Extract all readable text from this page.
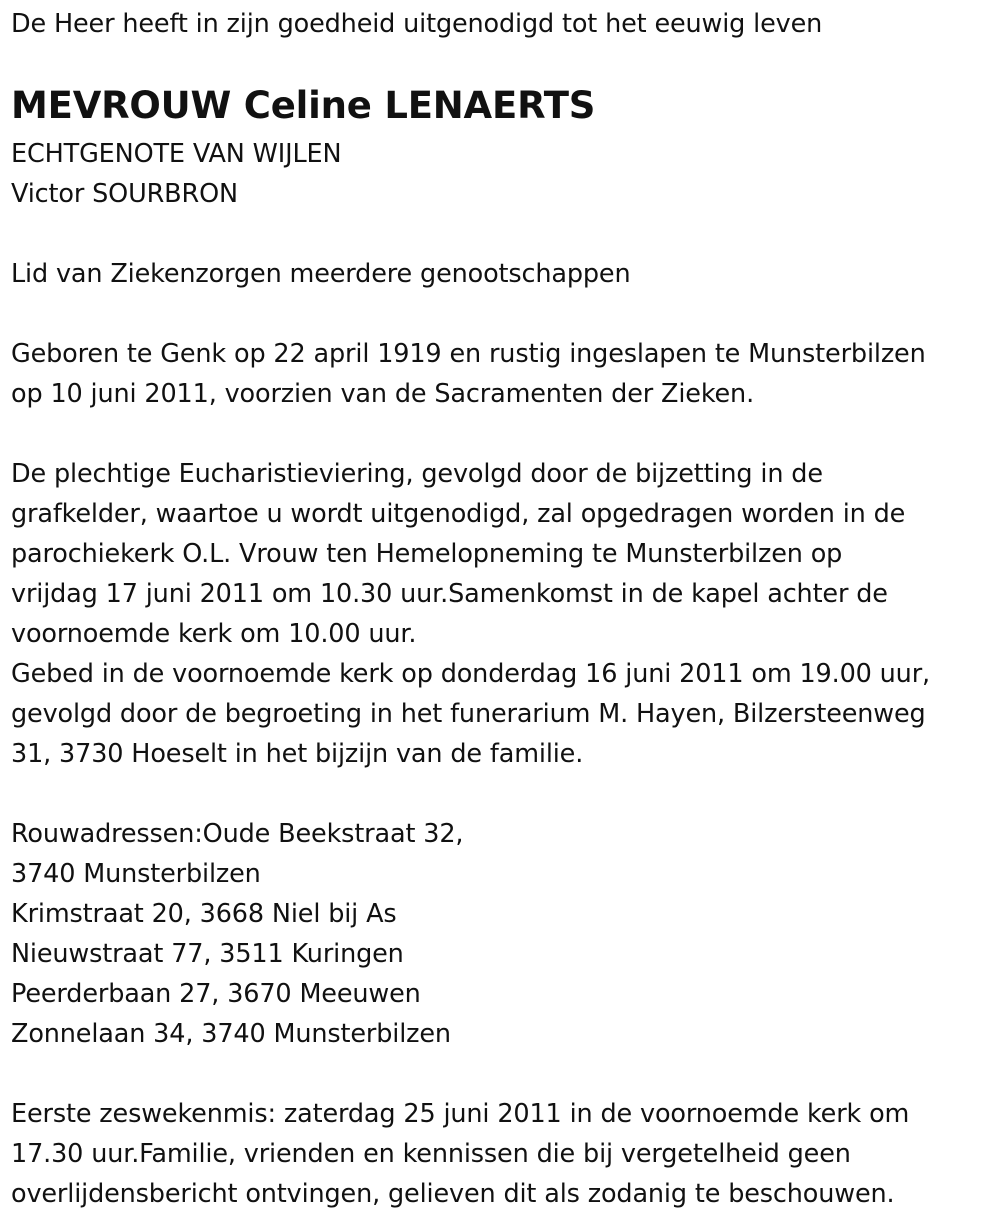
De Heer heeft in zijn goedheid uitgenodigd tot het eeuwig leven
MEVROUW Celine LENAERTS
ECHTGENOTE VAN WIJLEN
Victor SOURBRON
Lid van Ziekenzorgen meerdere genootschappen
Geboren te Genk op 22 april 1919 en rustig ingeslapen te Munsterbilzen
op 10 juni 2011, voorzien van de Sacramenten der Zieken.
De plechtige Eucharistieviering, gevolgd door de bijzetting in de
grafkelder, waartoe u wordt uitgenodigd, zal opgedragen worden in de
parochiekerk O.L. Vrouw ten Hemelopneming te Munsterbilzen op
vrijdag 17 juni 2011 om 10.30 uur.Samenkomst in de kapel achter de
voornoemde kerk om 10.00 uur.
Gebed in de voornoemde kerk op donderdag 16 juni 2011 om 19.00 uur,
gevolgd door de begroeting in het funerarium M. Hayen, Bilzersteenweg
31, 3730 Hoeselt in het bijzijn van de familie.
Rouwadressen:Oude Beekstraat 32,
3740 Munsterbilzen
Krimstraat 20, 3668 Niel bij As
Nieuwstraat 77, 3511 Kuringen
Peerderbaan 27, 3670 Meeuwen
Zonnelaan 34, 3740 Munsterbilzen
Eerste zeswekenmis: zaterdag 25 juni 2011 in de voornoemde kerk om
17.30 uur.Familie, vrienden en kennissen die bij vergetelheid geen
overlijdensbericht ontvingen, gelieven dit als zodanig te beschouwen.
